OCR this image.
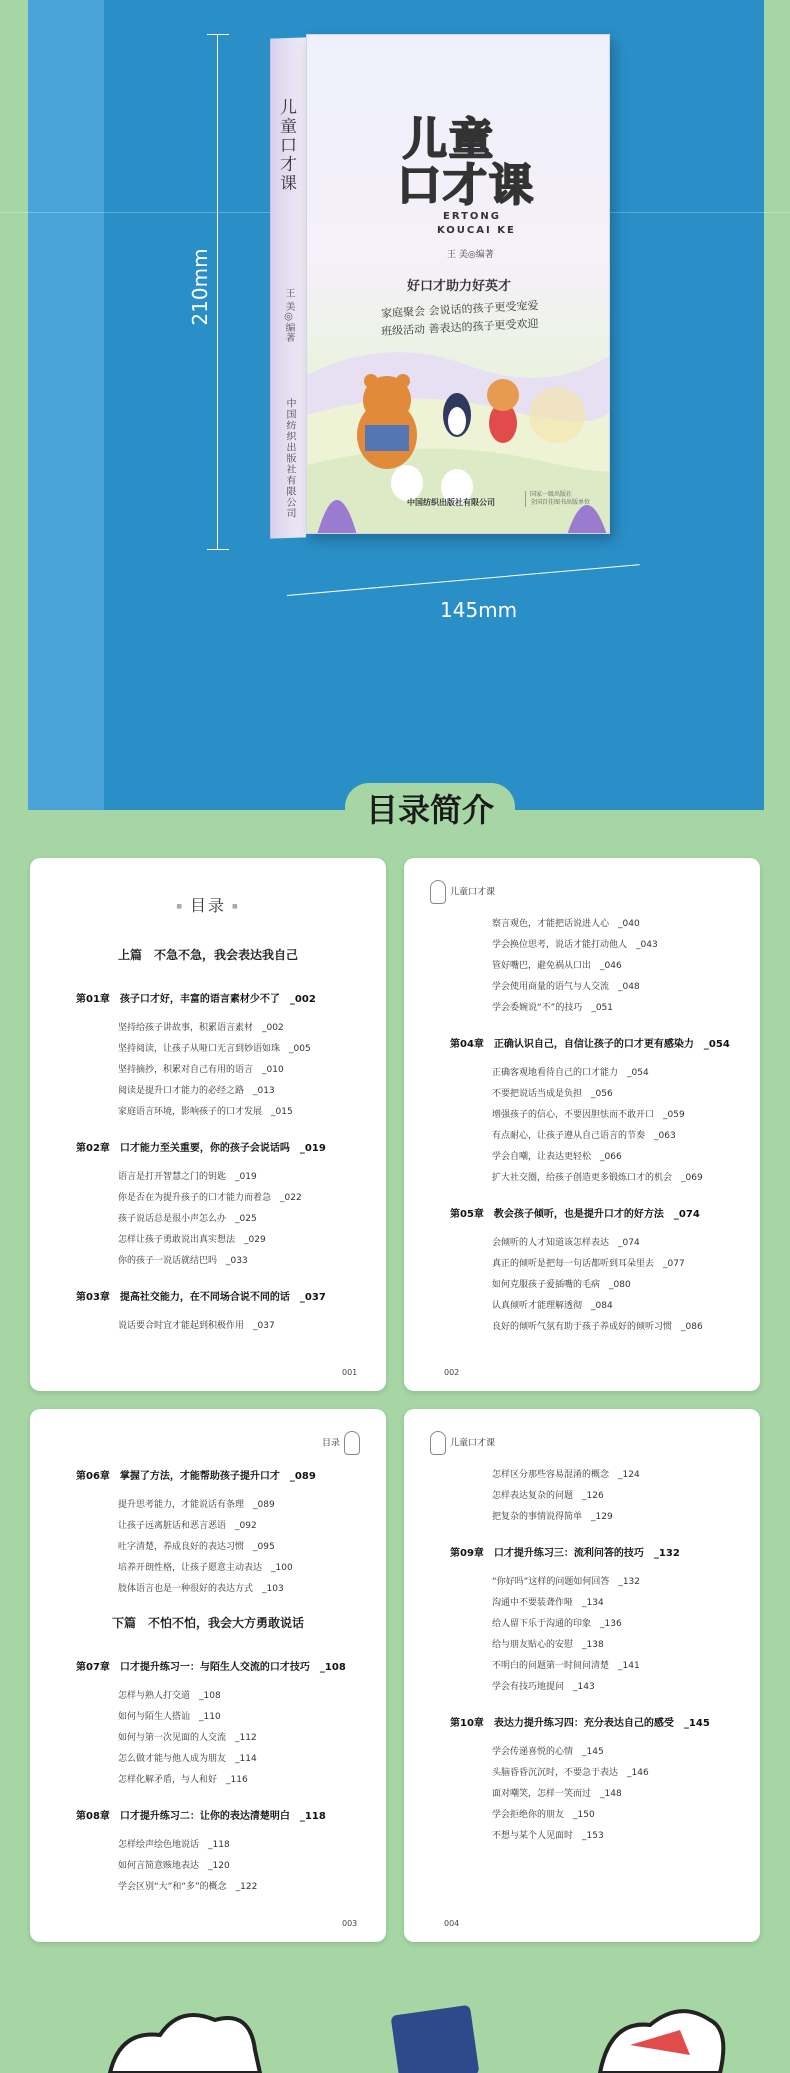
210mm
145mm
儿童口才课
王 美◎编著
中国纺织出版社有限公司
儿童
口才课
ERTONG
KOUCAI KE
王 美◎编著
好口才助力好英才
家庭聚会 会说话的孩子更受宠爱
班级活动 善表达的孩子更受欢迎
中国纺织出版社有限公司
国家一级出版社
全国百佳图书出版单位
目录简介
■ 目录 ■
上篇　不急不急，我会表达我自己
第01章　孩子口才好，丰富的语言素材少不了　_002
坚持给孩子讲故事，积累语言素材　_002
坚持阅读，让孩子从哑口无言到妙语如珠　_005
坚持摘抄，积累对自己有用的语言　_010
阅读是提升口才能力的必经之路　_013
家庭语言环境，影响孩子的口才发展　_015
第02章　口才能力至关重要，你的孩子会说话吗　_019
语言是打开智慧之门的钥匙　_019
你是否在为提升孩子的口才能力而着急　_022
孩子说话总是很小声怎么办　_025
怎样让孩子勇敢说出真实想法　_029
你的孩子一说话就结巴吗　_033
第03章　提高社交能力，在不同场合说不同的话　_037
说话要合时宜才能起到积极作用　_037
001
儿童口才课
察言观色，才能把话说进人心　_040
学会换位思考，说话才能打动他人　_043
管好嘴巴，避免祸从口出　_046
学会使用商量的语气与人交流　_048
学会委婉说“不”的技巧　_051
第04章　正确认识自己，自信让孩子的口才更有感染力　_054
正确客观地看待自己的口才能力　_054
不要把说话当成是负担　_056
增强孩子的信心，不要因胆怯而不敢开口　_059
有点耐心，让孩子遵从自己语言的节奏　_063
学会自嘲，让表达更轻松　_066
扩大社交圈，给孩子创造更多锻炼口才的机会　_069
第05章　教会孩子倾听，也是提升口才的好方法　_074
会倾听的人才知道该怎样表达　_074
真正的倾听是把每一句话都听到耳朵里去　_077
如何克服孩子爱插嘴的毛病　_080
认真倾听才能理解透彻　_084
良好的倾听气氛有助于孩子养成好的倾听习惯　_086
002
目录
第06章　掌握了方法，才能帮助孩子提升口才　_089
提升思考能力，才能说话有条理　_089
让孩子远离脏话和恶言恶语　_092
吐字清楚，养成良好的表达习惯　_095
培养开朗性格，让孩子愿意主动表达　_100
肢体语言也是一种很好的表达方式　_103
下篇　不怕不怕，我会大方勇敢说话
第07章　口才提升练习一：与陌生人交流的口才技巧　_108
怎样与熟人打交道　_108
如何与陌生人搭讪　_110
如何与第一次见面的人交流　_112
怎么做才能与他人成为朋友　_114
怎样化解矛盾，与人和好　_116
第08章　口才提升练习二：让你的表达清楚明白　_118
怎样绘声绘色地说话　_118
如何言简意赅地表达　_120
学会区别“大”和“多”的概念　_122
003
儿童口才课
怎样区分那些容易混淆的概念　_124
怎样表达复杂的问题　_126
把复杂的事情说得简单　_129
第09章　口才提升练习三：流利问答的技巧　_132
“你好吗”这样的问题如何回答　_132
沟通中不要装聋作哑　_134
给人留下乐于沟通的印象　_136
给与朋友贴心的安慰　_138
不明白的问题第一时间问清楚　_141
学会有技巧地提问　_143
第10章　表达力提升练习四：充分表达自己的感受　_145
学会传递喜悦的心情　_145
头脑昏昏沉沉时，不要急于表达　_146
面对嘲笑，怎样一笑而过　_148
学会拒绝你的朋友　_150
不想与某个人见面时　_153
004
